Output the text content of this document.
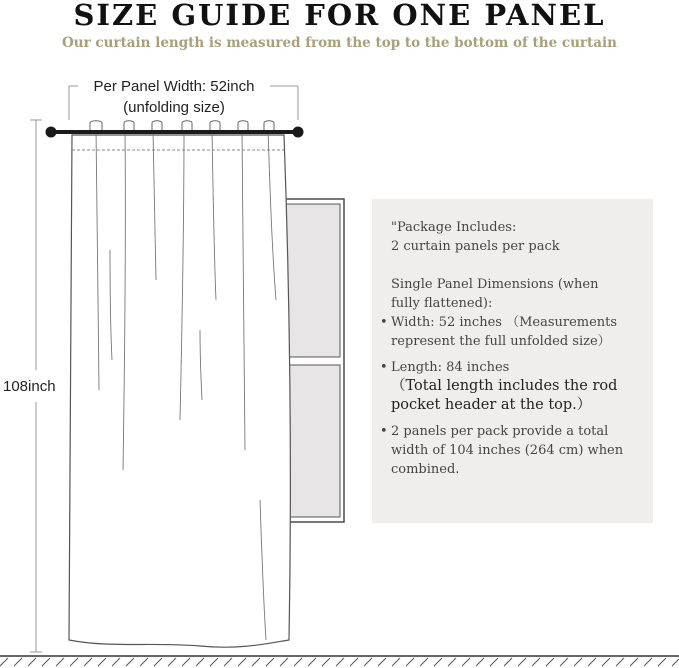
SIZE GUIDE FOR ONE PANEL

Our curtain length is measured from the top to the bottom of the curtain

Per Panel Width: 52inch
(unfolding size)
108inch

"Package Includes:

2 curtain panels per pack

Single Panel Dimensions (when

fully flattened):

• Width: 52 inches （Measurements

represent the full unfolded size）

• Length: 84 inches

（Total length includes the rod

pocket header at the top.）

• 2 panels per pack provide a total

width of 104 inches (264 cm) when

combined.
